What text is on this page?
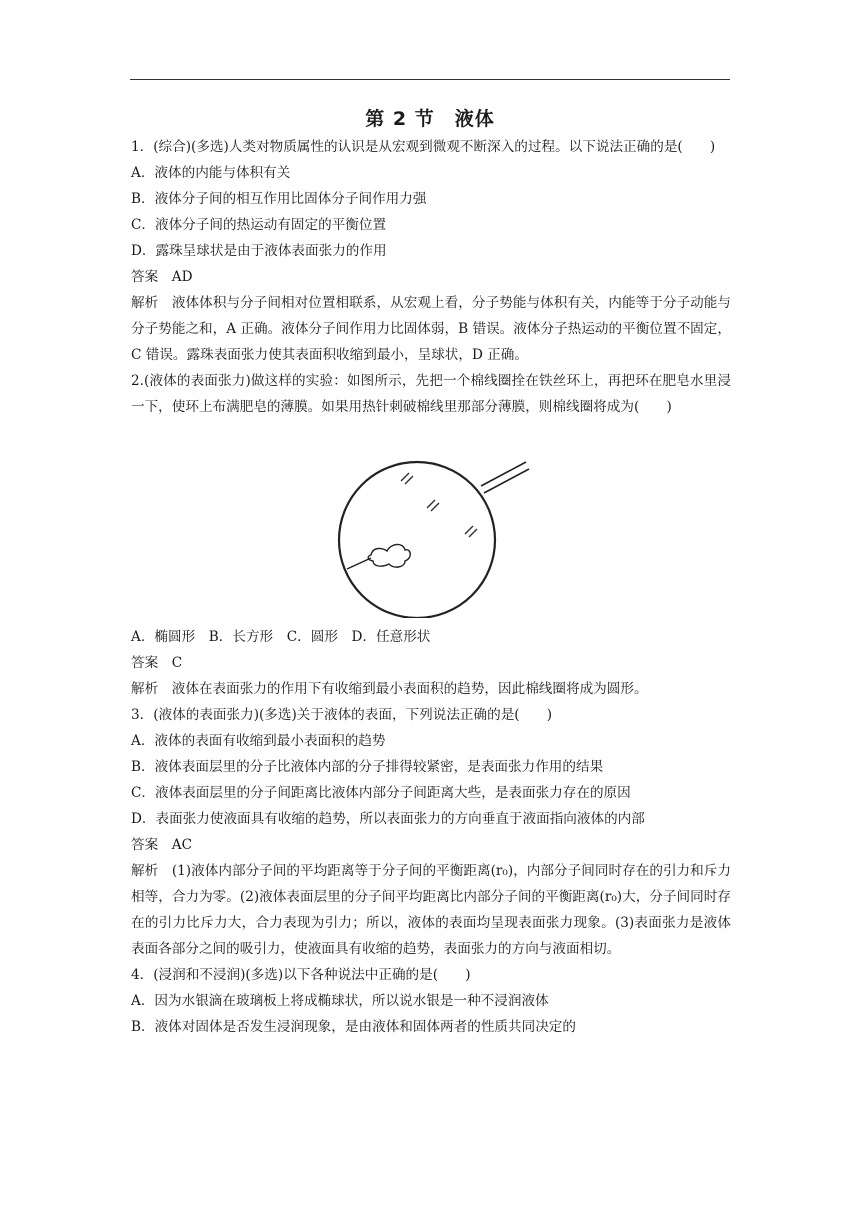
第 2 节　液体

1．(综合)(多选)人类对物质属性的认识是从宏观到微观不断深入的过程。以下说法正确的是(　　)

A．液体的内能与体积有关

B．液体分子间的相互作用比固体分子间作用力强

C．液体分子间的热运动有固定的平衡位置

D．露珠呈球状是由于液体表面张力的作用

答案　AD

解析　液体体积与分子间相对位置相联系，从宏观上看，分子势能与体积有关，内能等于分子动能与分子势能之和，A 正确。液体分子间作用力比固体弱，B 错误。液体分子热运动的平衡位置不固定，C 错误。露珠表面张力使其表面积收缩到最小，呈球状，D 正确。

2.(液体的表面张力)做这样的实验：如图所示，先把一个棉线圈拴在铁丝环上，再把环在肥皂水里浸一下，使环上布满肥皂的薄膜。如果用热针刺破棉线里那部分薄膜，则棉线圈将成为(　　)

A．椭圆形　B．长方形　C．圆形　D．任意形状

答案　C

解析　液体在表面张力的作用下有收缩到最小表面积的趋势，因此棉线圈将成为圆形。

3．(液体的表面张力)(多选)关于液体的表面，下列说法正确的是(　　)

A．液体的表面有收缩到最小表面积的趋势

B．液体表面层里的分子比液体内部的分子排得较紧密，是表面张力作用的结果

C．液体表面层里的分子间距离比液体内部分子间距离大些，是表面张力存在的原因

D．表面张力使液面具有收缩的趋势，所以表面张力的方向垂直于液面指向液体的内部

答案　AC

解析　(1)液体内部分子间的平均距离等于分子间的平衡距离(r₀)，内部分子间同时存在的引力和斥力相等，合力为零。(2)液体表面层里的分子间平均距离比内部分子间的平衡距离(r₀)大，分子间同时存在的引力比斥力大，合力表现为引力；所以，液体的表面均呈现表面张力现象。(3)表面张力是液体表面各部分之间的吸引力，使液面具有收缩的趋势，表面张力的方向与液面相切。

4．(浸润和不浸润)(多选)以下各种说法中正确的是(　　)

A．因为水银滴在玻璃板上将成椭球状，所以说水银是一种不浸润液体

B．液体对固体是否发生浸润现象，是由液体和固体两者的性质共同决定的
